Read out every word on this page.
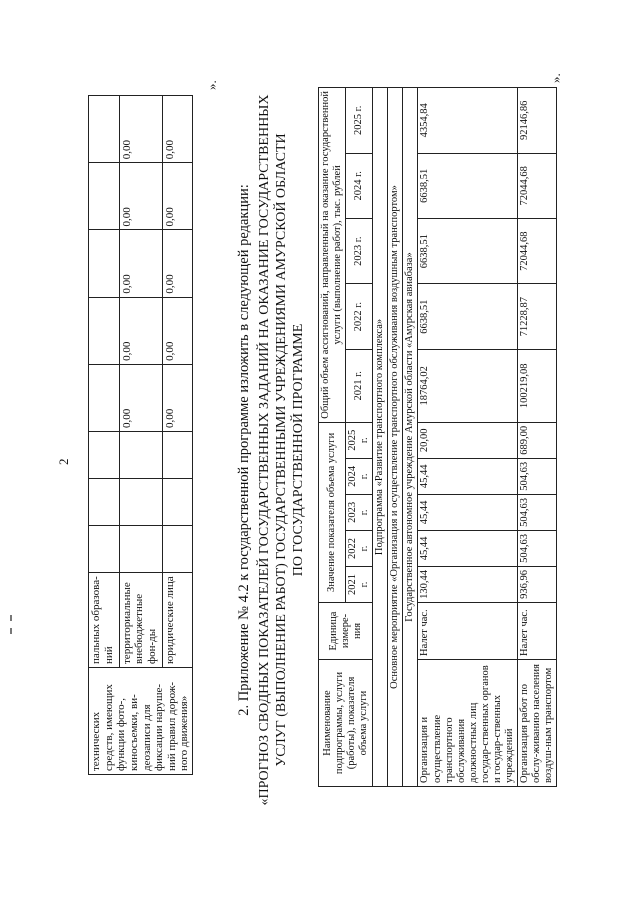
2
технических средств, имеющих функции фото-, киносъемки, ви-деозаписи для фиксации наруше-ний правил дорож-ного движения»	пальных образова-ний								
	территориальные внебюджетные фон-ды				0,00	0,00	0,00	0,00	0,00
	юридические лица				0,00	0,00	0,00	0,00	0,00
».

2. Приложение № 4.2 к государственной программе изложить в следующей редакции: «ПРОГНОЗ СВОДНЫХ ПОКАЗАТЕЛЕЙ ГОСУДАРСТВЕННЫХ ЗАДАНИЙ НА ОКАЗАНИЕ ГОСУДАРСТВЕННЫХ УСЛУГ (ВЫПОЛНЕНИЕ РАБОТ) ГОСУДАРСТВЕННЫМИ УЧРЕЖДЕНИЯМИ АМУРСКОЙ ОБЛАСТИ ПО ГОСУДАРСТВЕННОЙ ПРОГРАММЕ

Наименование подпрограммы, услуги (работы), показателя объема услуги	Единица измере-ния	Значение показателя объема услуги					Общий объем ассигнований, направленный на оказание государственной услуги (выполнение работ), тыс. рублей				
		2021 г.	2022 г.	2023 г.	2024 г.	2025 г.	2021 г.	2022 г.	2023 г.	2024 г.	2025 г.
Подпрограмма «Развитие транспортного комплекса»											
Основное мероприятие «Организация и осуществление транспортного обслуживания воздушным транспортом»											
Государственное автономное учреждение Амурской области «Амурская авиабаза»											
Организация и осуществление транспортного обслуживания должностных лиц государ-ственных органов и государ-ственных учреждений	Налет час.	130,44	45,44	45,44	45,44	20,00	18764,02	6638,51	6638,51	6638,51	4354,84
Организация работ по обслу-живанию населения воздуш-ным транспортом	Налет час.	936,96	504,63	504,63	504,63	689,00	100219,08	71228,87	72044,68	72044,68	92146,86
».
